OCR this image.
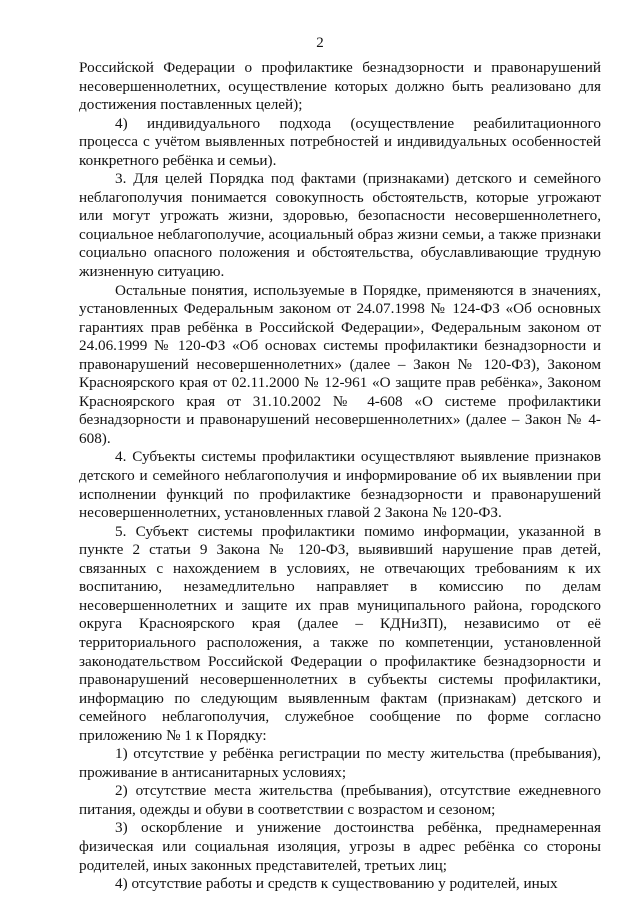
2

Российской Федерации о профилактике безнадзорности и правонарушений несовершеннолетних, осуществление которых должно быть реализовано для достижения поставленных целей);

4) индивидуального подхода (осуществление реабилитационного процесса с учётом выявленных потребностей и индивидуальных особенностей конкретного ребёнка и семьи).

3. Для целей Порядка под фактами (признаками) детского и семейного неблагополучия понимается совокупность обстоятельств, которые угрожают или могут угрожать жизни, здоровью, безопасности несовершеннолетнего, социальное неблагополучие, асоциальный образ жизни семьи, а также признаки социально опасного положения и обстоятельства, обуславливающие трудную жизненную ситуацию.

Остальные понятия, используемые в Порядке, применяются в значениях, установленных Федеральным законом от 24.07.1998 № 124-ФЗ «Об основных гарантиях прав ребёнка в Российской Федерации», Федеральным законом от 24.06.1999 № 120-ФЗ «Об основах системы профилактики безнадзорности и правонарушений несовершеннолетних» (далее – Закон № 120-ФЗ), Законом Красноярского края от 02.11.2000 № 12-961 «О защите прав ребёнка», Законом Красноярского края от 31.10.2002 № 4-608 «О системе профилактики безнадзорности и правонарушений несовершеннолетних» (далее – Закон № 4-608).

4. Субъекты системы профилактики осуществляют выявление признаков детского и семейного неблагополучия и информирование об их выявлении при исполнении функций по профилактике безнадзорности и правонарушений несовершеннолетних, установленных главой 2 Закона № 120-ФЗ.

5. Субъект системы профилактики помимо информации, указанной в пункте 2 статьи 9 Закона № 120-ФЗ, выявивший нарушение прав детей, связанных с нахождением в условиях, не отвечающих требованиям к их воспитанию, незамедлительно направляет в комиссию по делам несовершеннолетних и защите их прав муниципального района, городского округа Красноярского края (далее – КДНиЗП), независимо от её территориального расположения, а также по компетенции, установленной законодательством Российской Федерации о профилактике безнадзорности и правонарушений несовершеннолетних в субъекты системы профилактики, информацию по следующим выявленным фактам (признакам) детского и семейного неблагополучия, служебное сообщение по форме согласно приложению № 1 к Порядку:

1) отсутствие у ребёнка регистрации по месту жительства (пребывания), проживание в антисанитарных условиях;

2) отсутствие места жительства (пребывания), отсутствие ежедневного питания, одежды и обуви в соответствии с возрастом и сезоном;

3) оскорбление и унижение достоинства ребёнка, преднамеренная физическая или социальная изоляция, угрозы в адрес ребёнка со стороны родителей, иных законных представителей, третьих лиц;

4) отсутствие работы и средств к существованию у родителей, иных
